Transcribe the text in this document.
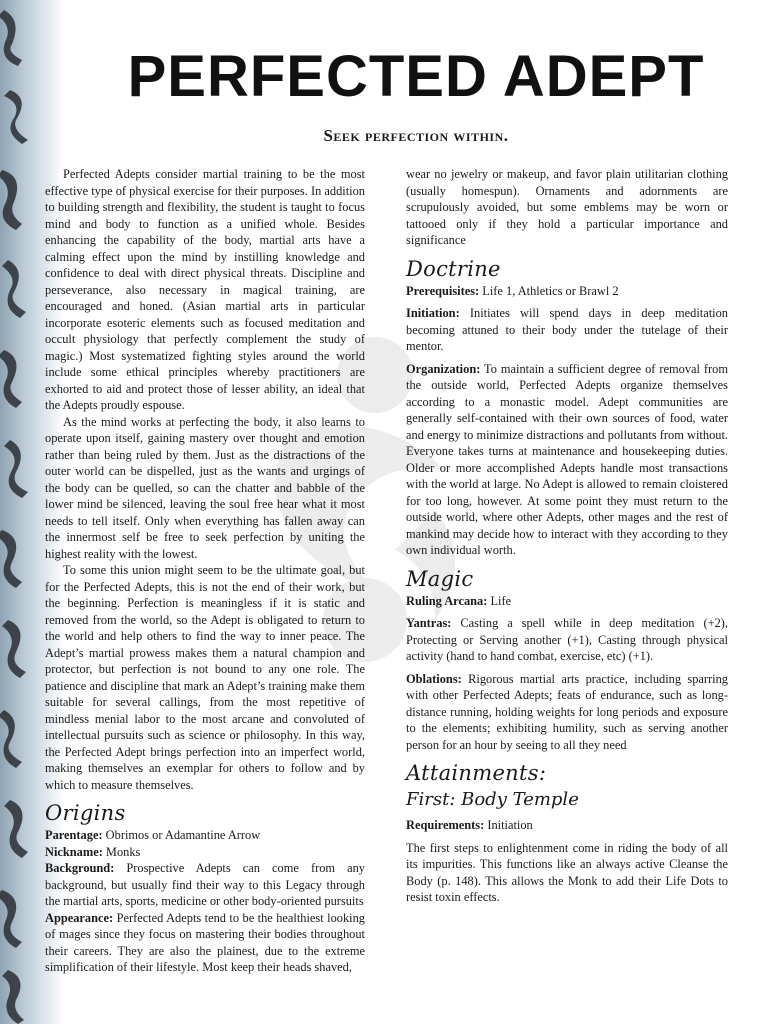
PERFECTED ADEPT
Seek perfection within.

Perfected Adepts consider martial training to be the most effective type of physical exercise for their purposes. In addition to building strength and flexibility, the student is taught to focus mind and body to function as a unified whole. Besides enhancing the capability of the body, martial arts have a calming effect upon the mind by instilling knowledge and confidence to deal with direct physical threats. Discipline and perseverance, also necessary in magical training, are encouraged and honed. (Asian martial arts in particular incorporate esoteric elements such as focused meditation and occult physiology that perfectly complement the study of magic.) Most systematized fighting styles around the world include some ethical principles whereby practitioners are exhorted to aid and protect those of lesser ability, an ideal that the Adepts proudly espouse.

As the mind works at perfecting the body, it also learns to operate upon itself, gaining mastery over thought and emotion rather than being ruled by them. Just as the distractions of the outer world can be dispelled, just as the wants and urgings of the body can be quelled, so can the chatter and babble of the lower mind be silenced, leaving the soul free hear what it most needs to tell itself. Only when everything has fallen away can the innermost self be free to seek perfection by uniting the highest reality with the lowest.

To some this union might seem to be the ultimate goal, but for the Perfected Adepts, this is not the end of their work, but the beginning. Perfection is meaningless if it is static and removed from the world, so the Adept is obligated to return to the world and help others to find the way to inner peace. The Adept’s martial prowess makes them a natural champion and protector, but perfection is not bound to any one role. The patience and discipline that mark an Adept’s training make them suitable for several callings, from the most repetitive of mindless menial labor to the most arcane and convoluted of intellectual pursuits such as science or philosophy. In this way, the Perfected Adept brings perfection into an imperfect world, making themselves an exemplar for others to follow and by which to measure themselves.

Origins

Parentage: Obrimos or Adamantine Arrow

Nickname: Monks

Background: Prospective Adepts can come from any background, but usually find their way to this Legacy through the martial arts, sports, medicine or other body-oriented pursuits

Appearance: Perfected Adepts tend to be the healthiest looking of mages since they focus on mastering their bodies throughout their careers. They are also the plainest, due to the extreme simplification of their lifestyle. Most keep their heads shaved,

wear no jewelry or makeup, and favor plain utilitarian clothing (usually homespun). Ornaments and adornments are scrupulously avoided, but some emblems may be worn or tattooed only if they hold a particular importance and significance

Doctrine

Prerequisites: Life 1, Athletics or Brawl 2

Initiation: Initiates will spend days in deep meditation becoming attuned to their body under the tutelage of their mentor.

Organization: To maintain a sufficient degree of removal from the outside world, Perfected Adepts organize themselves according to a monastic model. Adept communities are generally self-contained with their own sources of food, water and energy to minimize distractions and pollutants from without. Everyone takes turns at maintenance and housekeeping duties. Older or more accomplished Adepts handle most transactions with the world at large. No Adept is allowed to remain cloistered for too long, however. At some point they must return to the outside world, where other Adepts, other mages and the rest of mankind may decide how to interact with they according to they own individual worth.

Magic

Ruling Arcana: Life

Yantras: Casting a spell while in deep meditation (+2), Protecting or Serving another (+1), Casting through physical activity (hand to hand combat, exercise, etc) (+1).

Oblations: Rigorous martial arts practice, including sparring with other Perfected Adepts; feats of endurance, such as long-distance running, holding weights for long periods and exposure to the elements; exhibiting humility, such as serving another person for an hour by seeing to all they need

Attainments:
First: Body Temple

Requirements: Initiation

The first steps to enlightenment come in riding the body of all its impurities. This functions like an always active Cleanse the Body (p. 148). This allows the Monk to add their Life Dots to resist toxin effects.
